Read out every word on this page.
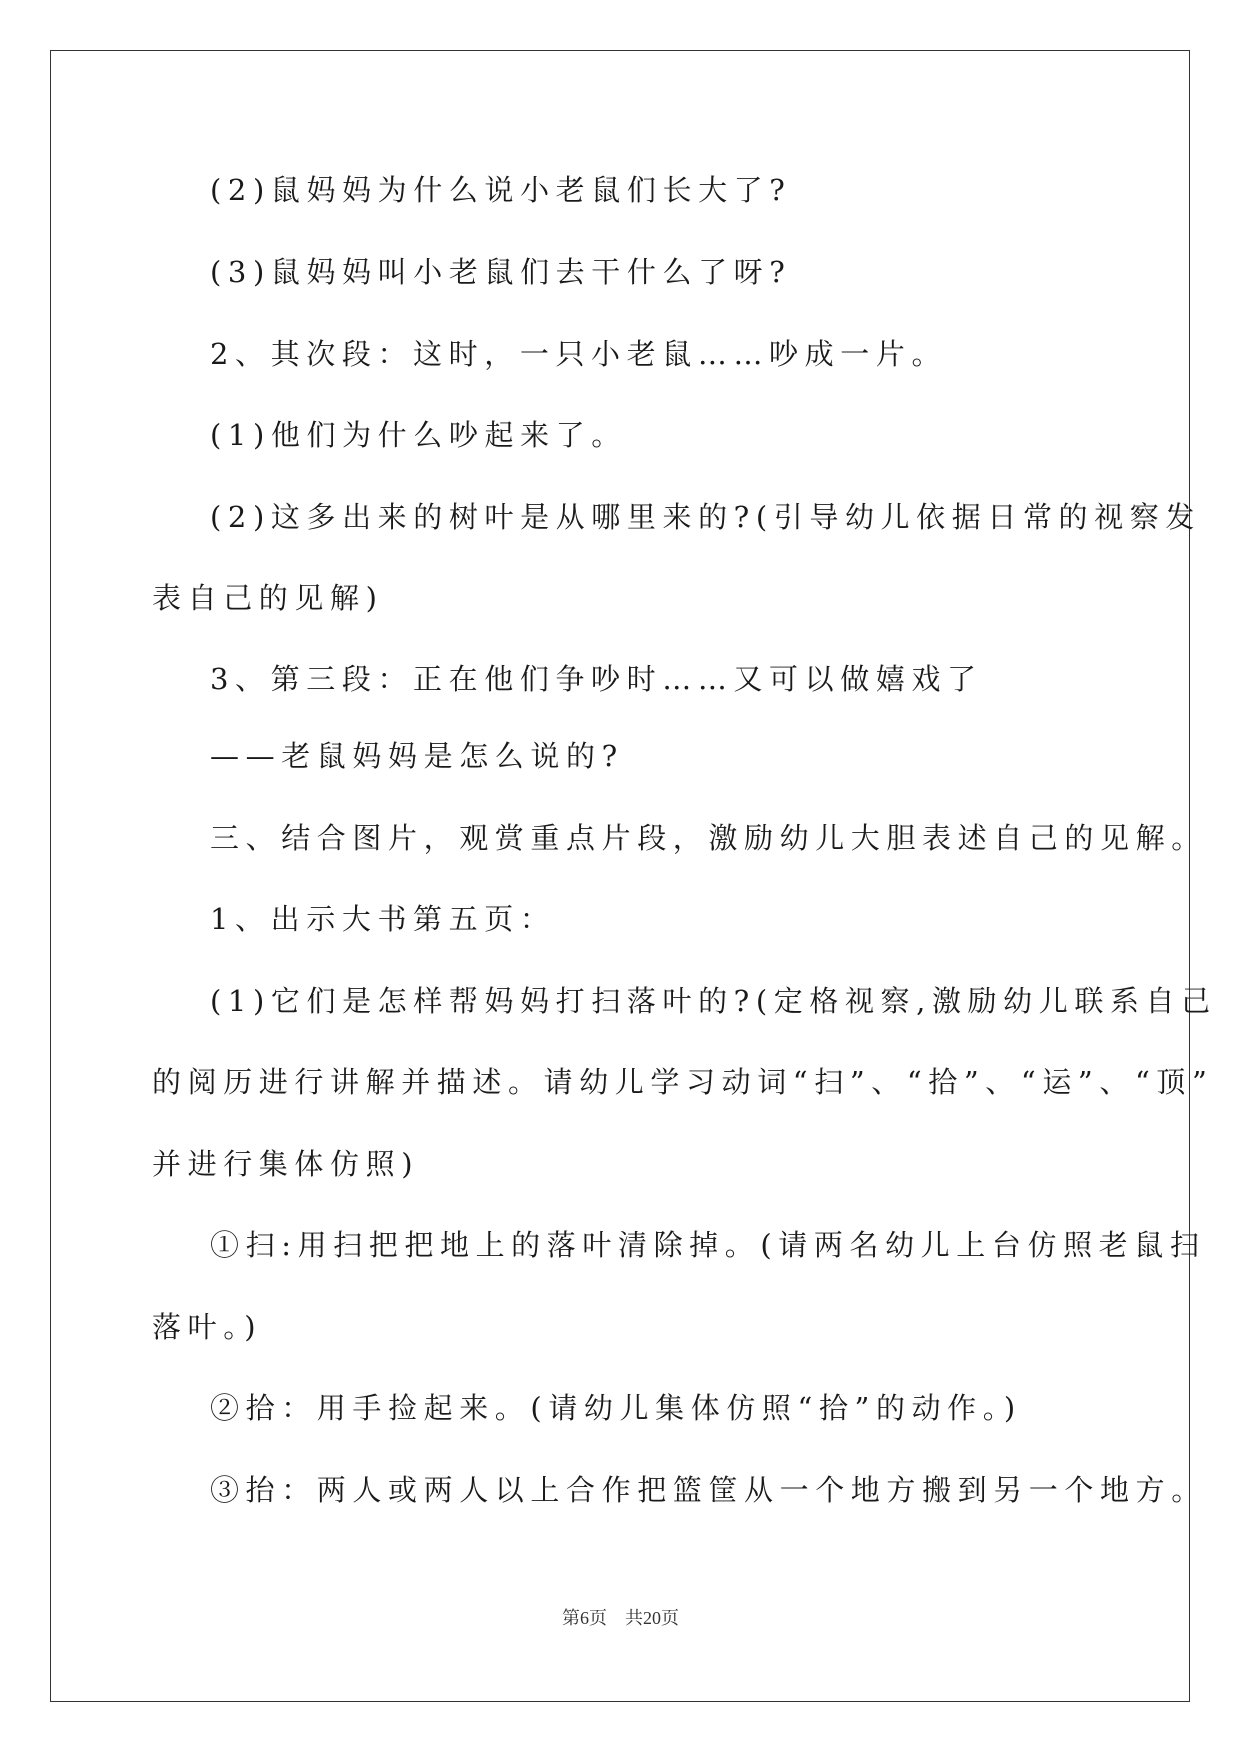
(2)鼠妈妈为什么说小老鼠们长大了?
(3)鼠妈妈叫小老鼠们去干什么了呀?
2、其次段：这时，一只小老鼠……吵成一片。
(1)他们为什么吵起来了。
(2)这多出来的树叶是从哪里来的?(引导幼儿依据日常的视察发
表自己的见解)
3、第三段：正在他们争吵时……又可以做嬉戏了
——老鼠妈妈是怎么说的?
三、结合图片，观赏重点片段，激励幼儿大胆表述自己的见解。
1、出示大书第五页：
(1)它们是怎样帮妈妈打扫落叶的?(定格视察,激励幼儿联系自己
的阅历进行讲解并描述。请幼儿学习动词“扫”、“拾”、“运”、“顶”
并进行集体仿照)
①扫:用扫把把地上的落叶清除掉。(请两名幼儿上台仿照老鼠扫
落叶。)
②拾：用手捡起来。(请幼儿集体仿照“拾”的动作。)
③抬：两人或两人以上合作把篮筐从一个地方搬到另一个地方。
第6页　共20页
